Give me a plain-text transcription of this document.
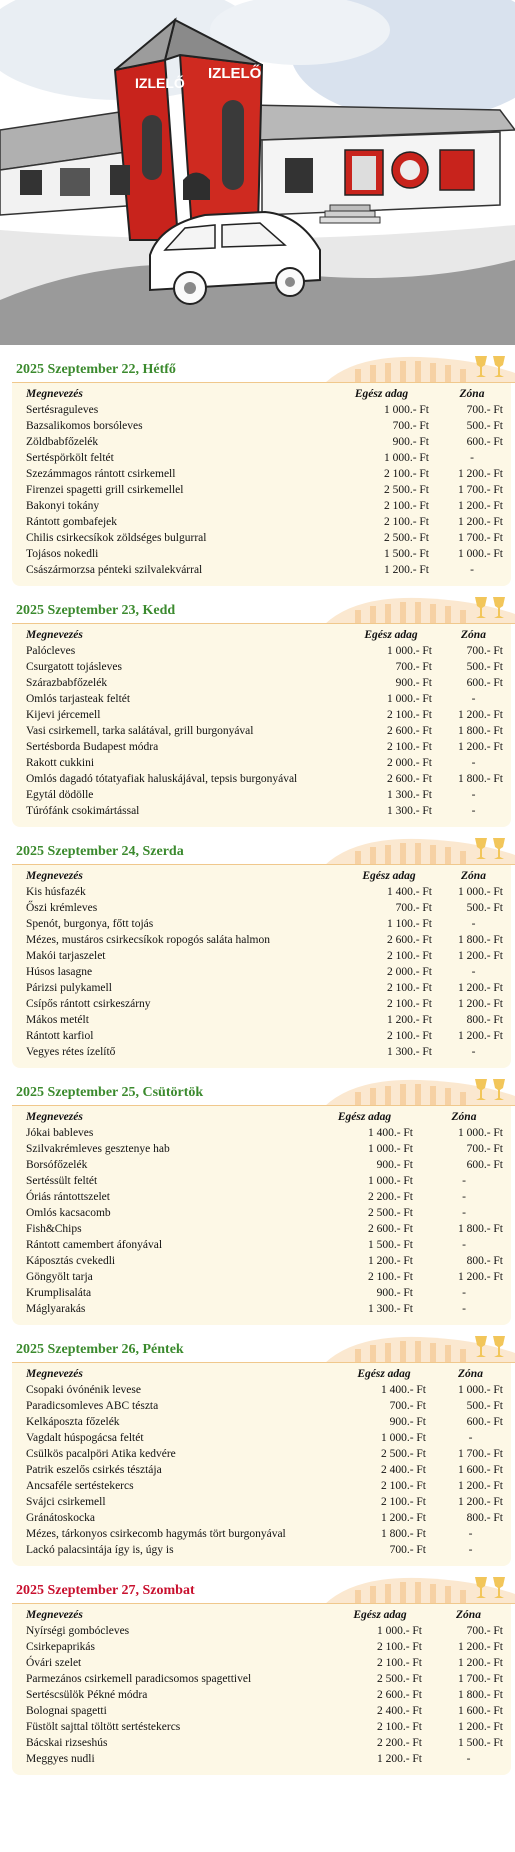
IZLELŐ
IZLELŐ
2025 Szeptember 22, Hétfő
Megnevezés	Egész adag	Zóna
Sertésraguleves	1 000.- Ft	700.- Ft
Bazsalikomos borsóleves	700.- Ft	500.- Ft
Zöldbabfőzelék	900.- Ft	600.- Ft
Sertéspörkölt feltét	1 000.- Ft	-
Szezámmagos rántott csirkemell	2 100.- Ft	1 200.- Ft
Firenzei spagetti grill csirkemellel	2 500.- Ft	1 700.- Ft
Bakonyi tokány	2 100.- Ft	1 200.- Ft
Rántott gombafejek	2 100.- Ft	1 200.- Ft
Chilis csirkecsíkok zöldséges bulgurral	2 500.- Ft	1 700.- Ft
Tojásos nokedli	1 500.- Ft	1 000.- Ft
Császármorzsa pénteki szilvalekvárral	1 200.- Ft	-
2025 Szeptember 23, Kedd
Megnevezés	Egész adag	Zóna
Palócleves	1 000.- Ft	700.- Ft
Csurgatott tojásleves	700.- Ft	500.- Ft
Szárazbabfőzelék	900.- Ft	600.- Ft
Omlós tarjasteak feltét	1 000.- Ft	-
Kijevi jércemell	2 100.- Ft	1 200.- Ft
Vasi csirkemell, tarka salátával, grill burgonyával	2 600.- Ft	1 800.- Ft
Sertésborda Budapest módra	2 100.- Ft	1 200.- Ft
Rakott cukkini	2 000.- Ft	-
Omlós dagadó tótatyafiak haluskájával, tepsis burgonyával	2 600.- Ft	1 800.- Ft
Egytál dödölle	1 300.- Ft	-
Túrófánk csokimártással	1 300.- Ft	-
2025 Szeptember 24, Szerda
Megnevezés	Egész adag	Zóna
Kis húsfazék	1 400.- Ft	1 000.- Ft
Őszi krémleves	700.- Ft	500.- Ft
Spenót, burgonya, főtt tojás	1 100.- Ft	-
Mézes, mustáros csirkecsíkok ropogós saláta halmon	2 600.- Ft	1 800.- Ft
Makói tarjaszelet	2 100.- Ft	1 200.- Ft
Húsos lasagne	2 000.- Ft	-
Párizsi pulykamell	2 100.- Ft	1 200.- Ft
Csípős rántott csirkeszárny	2 100.- Ft	1 200.- Ft
Mákos metélt	1 200.- Ft	800.- Ft
Rántott karfiol	2 100.- Ft	1 200.- Ft
Vegyes rétes ízelítő	1 300.- Ft	-
2025 Szeptember 25, Csütörtök
Megnevezés	Egész adag	Zóna
Jókai bableves	1 400.- Ft	1 000.- Ft
Szilvakrémleves gesztenye hab	1 000.- Ft	700.- Ft
Borsófőzelék	900.- Ft	600.- Ft
Sertéssült feltét	1 000.- Ft	-
Óriás rántottszelet	2 200.- Ft	-
Omlós kacsacomb	2 500.- Ft	-
Fish&Chips	2 600.- Ft	1 800.- Ft
Rántott camembert áfonyával	1 500.- Ft	-
Káposztás cvekedli	1 200.- Ft	800.- Ft
Göngyölt tarja	2 100.- Ft	1 200.- Ft
Krumplisaláta	900.- Ft	-
Máglyarakás	1 300.- Ft	-
2025 Szeptember 26, Péntek
Megnevezés	Egész adag	Zóna
Csopaki óvónénik levese	1 400.- Ft	1 000.- Ft
Paradicsomleves ABC tészta	700.- Ft	500.- Ft
Kelkáposzta főzelék	900.- Ft	600.- Ft
Vagdalt húspogácsa feltét	1 000.- Ft	-
Csülkös pacalpöri Atika kedvére	2 500.- Ft	1 700.- Ft
Patrik eszelős csirkés tésztája	2 400.- Ft	1 600.- Ft
Ancsaféle sertéstekercs	2 100.- Ft	1 200.- Ft
Svájci csirkemell	2 100.- Ft	1 200.- Ft
Gránátoskocka	1 200.- Ft	800.- Ft
Mézes, tárkonyos csirkecomb hagymás tört burgonyával	1 800.- Ft	-
Lackó palacsintája így is, úgy is	700.- Ft	-
2025 Szeptember 27, Szombat
Megnevezés	Egész adag	Zóna
Nyírségi gombócleves	1 000.- Ft	700.- Ft
Csirkepaprikás	2 100.- Ft	1 200.- Ft
Óvári szelet	2 100.- Ft	1 200.- Ft
Parmezános csirkemell paradicsomos spagettivel	2 500.- Ft	1 700.- Ft
Sertéscsülök Pékné módra	2 600.- Ft	1 800.- Ft
Bolognai spagetti	2 400.- Ft	1 600.- Ft
Füstölt sajttal töltött sertéstekercs	2 100.- Ft	1 200.- Ft
Bácskai rizseshús	2 200.- Ft	1 500.- Ft
Meggyes nudli	1 200.- Ft	-
